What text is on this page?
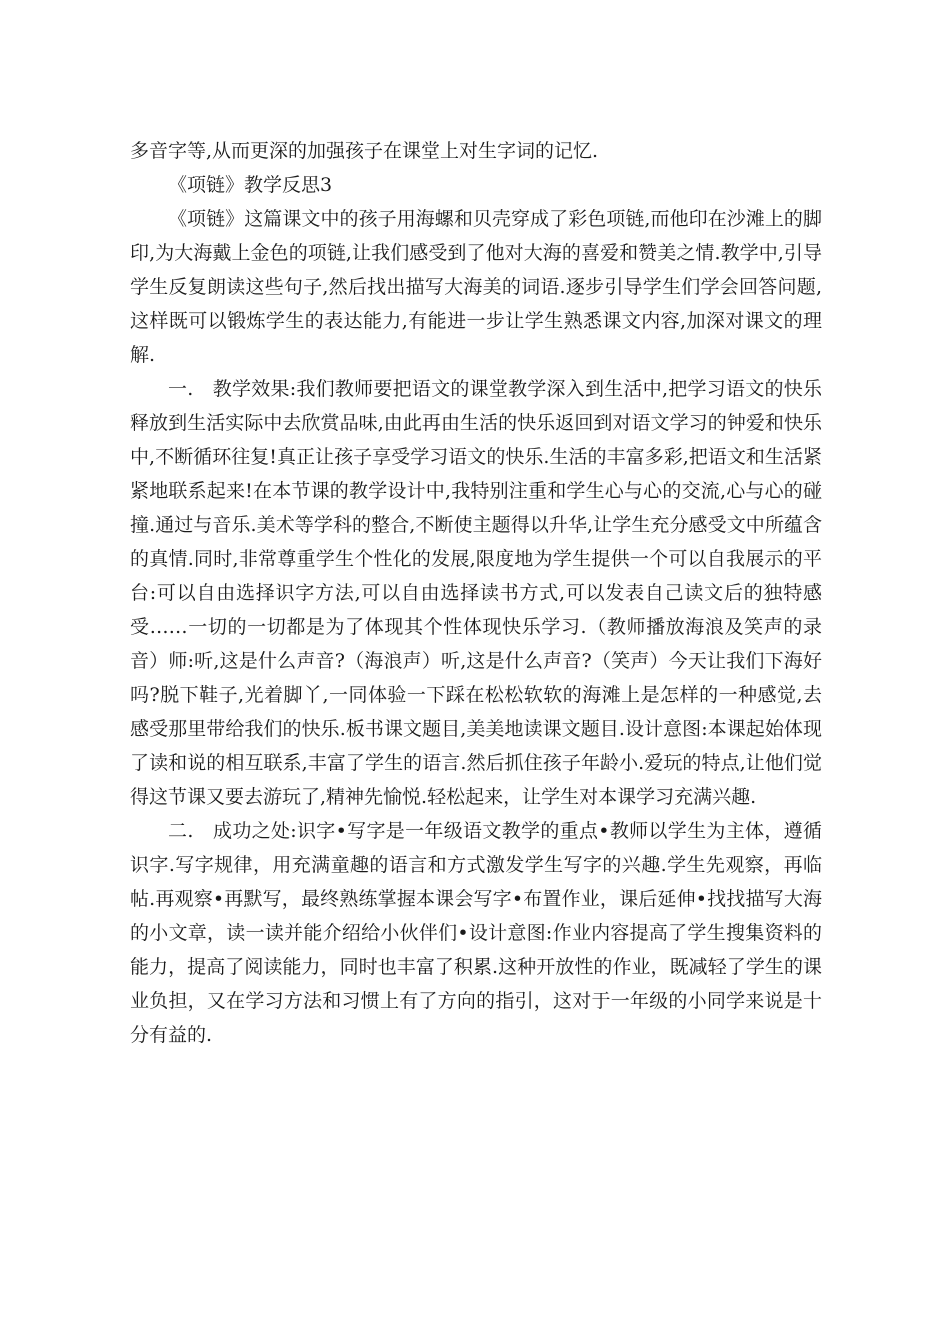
多音字等,从而更深的加强孩子在课堂上对生字词的记忆.

《项链》教学反思3

《项链》这篇课文中的孩子用海螺和贝壳穿成了彩色项链,而他印在沙滩上的脚印,为大海戴上金色的项链,让我们感受到了他对大海的喜爱和赞美之情.教学中,引导学生反复朗读这些句子,然后找出描写大海美的词语.逐步引导学生们学会回答问题,这样既可以锻炼学生的表达能力,有能进一步让学生熟悉课文内容,加深对课文的理解.

一.　教学效果:我们教师要把语文的课堂教学深入到生活中,把学习语文的快乐释放到生活实际中去欣赏品味,由此再由生活的快乐返回到对语文学习的钟爱和快乐中,不断循环往复!真正让孩子享受学习语文的快乐.生活的丰富多彩,把语文和生活紧紧地联系起来!在本节课的教学设计中,我特别注重和学生心与心的交流,心与心的碰撞.通过与音乐.美术等学科的整合,不断使主题得以升华,让学生充分感受文中所蕴含的真情.同时,非常尊重学生个性化的发展,限度地为学生提供一个可以自我展示的平台:可以自由选择识字方法,可以自由选择读书方式,可以发表自己读文后的独特感受……一切的一切都是为了体现其个性体现快乐学习.（教师播放海浪及笑声的录音）师:听,这是什么声音?（海浪声）听,这是什么声音?（笑声）今天让我们下海好吗?脱下鞋子,光着脚丫,一同体验一下踩在松松软软的海滩上是怎样的一种感觉,去感受那里带给我们的快乐.板书课文题目,美美地读课文题目.设计意图:本课起始体现了读和说的相互联系,丰富了学生的语言.然后抓住孩子年龄小.爱玩的特点,让他们觉得这节课又要去游玩了,精神先愉悦.轻松起来，让学生对本课学习充满兴趣.

二.　成功之处:识字•写字是一年级语文教学的重点•教师以学生为主体，遵循识字.写字规律，用充满童趣的语言和方式激发学生写字的兴趣.学生先观察，再临帖.再观察•再默写，最终熟练掌握本课会写字•布置作业，课后延伸•找找描写大海的小文章，读一读并能介绍给小伙伴们•设计意图:作业内容提高了学生搜集资料的能力，提高了阅读能力，同时也丰富了积累.这种开放性的作业，既减轻了学生的课业负担，又在学习方法和习惯上有了方向的指引，这对于一年级的小同学来说是十分有益的.
